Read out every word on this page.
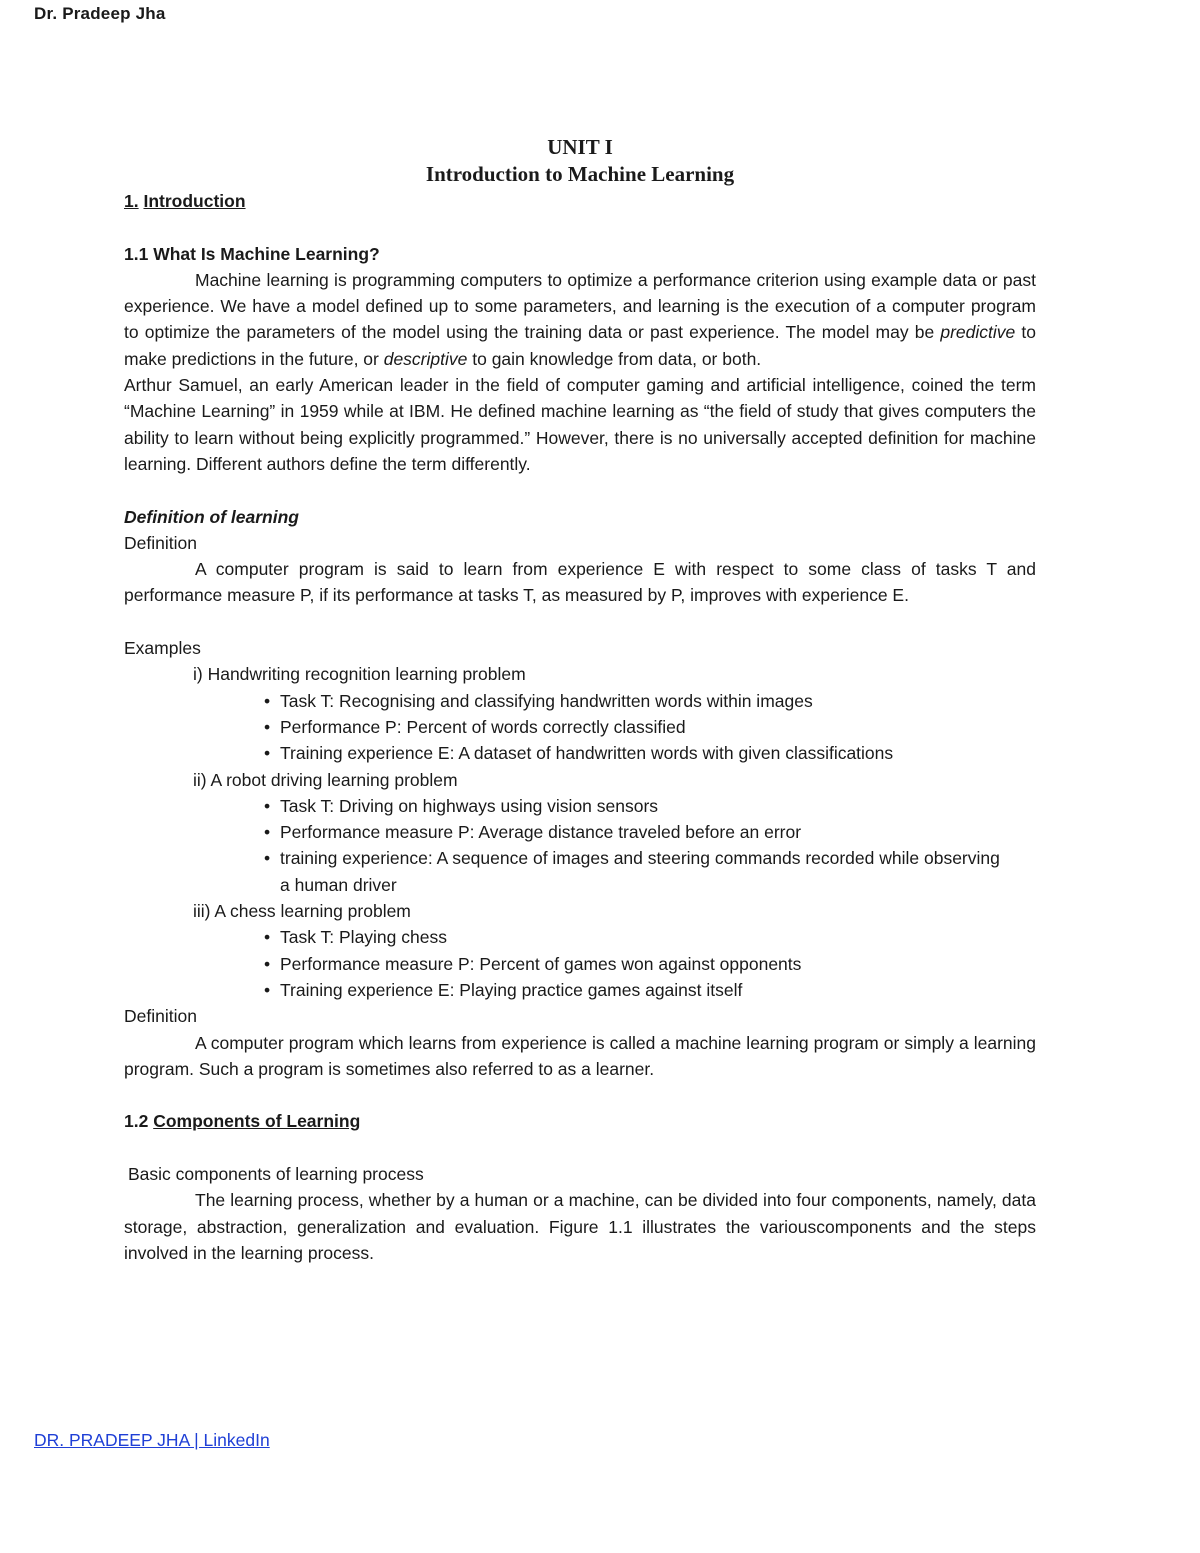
Dr. Pradeep Jha
UNIT I
Introduction to Machine Learning
1. Introduction
1.1 What Is Machine Learning?
Machine learning is programming computers to optimize a performance criterion using example data or past experience. We have a model defined up to some parameters, and learning is the execution of a computer program to optimize the parameters of the model using the training data or past experience. The model may be predictive to make predictions in the future, or descriptive to gain knowledge from data, or both.
Arthur Samuel, an early American leader in the field of computer gaming and artificial intelligence, coined the term “Machine Learning” in 1959 while at IBM. He defined machine learning as “the field of study that gives computers the ability to learn without being explicitly programmed.” However, there is no universally accepted definition for machine learning. Different authors define the term differently.
Definition of learning
Definition
A computer program is said to learn from experience E with respect to some class of tasks T and performance measure P, if its performance at tasks T, as measured by P, improves with experience E.
Examples
i) Handwriting recognition learning problem
• Task T: Recognising and classifying handwritten words within images
• Performance P: Percent of words correctly classified
• Training experience E: A dataset of handwritten words with given classifications
ii) A robot driving learning problem
• Task T: Driving on highways using vision sensors
• Performance measure P: Average distance traveled before an error
• training experience: A sequence of images and steering commands recorded while observing a human driver
iii) A chess learning problem
• Task T: Playing chess
• Performance measure P: Percent of games won against opponents
• Training experience E: Playing practice games against itself
Definition
A computer program which learns from experience is called a machine learning program or simply a learning program. Such a program is sometimes also referred to as a learner.
1.2 Components of Learning
Basic components of learning process
The learning process, whether by a human or a machine, can be divided into four components, namely, data storage, abstraction, generalization and evaluation. Figure 1.1 illustrates the variouscomponents and the steps involved in the learning process.
DR. PRADEEP JHA | LinkedIn
